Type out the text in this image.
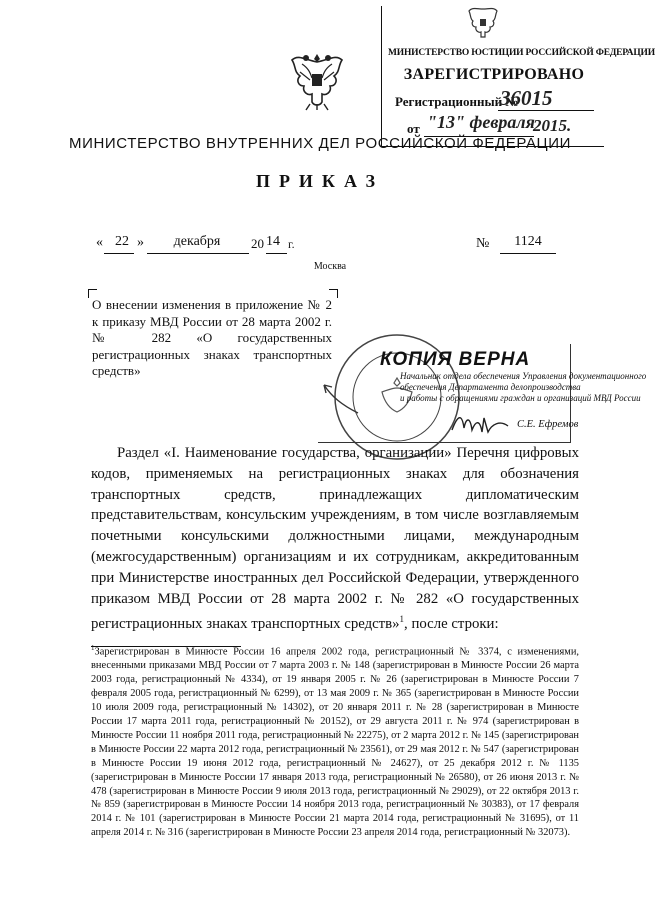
МИНИСТЕРСТВО ЮСТИЦИИ РОССИЙСКОЙ ФЕДЕРАЦИИ
ЗАРЕГИСТРИРОВАНО
Регистрационный №
36015
от "13" февраля
2015.
МИНИСТЕРСТВО ВНУТРЕННИХ ДЕЛ РОССИЙСКОЙ ФЕДЕРАЦИИ
ПРИКАЗ
« 22 »	декабря	20 14 г.	№	1124
Москва
О внесении изменения в приложение № 2 к приказу МВД России от 28 марта 2002 г. № 282 «О государственных регистрационных знаках транспортных средств»
КОПИЯ ВЕРНА
Начальник отдела обеспечения Управления документационного
обеспечения Департамента делопроизводства
и работы с обращениями граждан и организаций МВД России
С.Е. Ефремов
Раздел «I. Наименование государства, организации» Перечня цифровых кодов, применяемых на регистрационных знаках для обозначения транспортных средств, принадлежащих дипломатическим представительствам, консульским учреждениям, в том числе возглавляемым почетными консульскими должностными лицами, международным (межгосударственным) организациям и их сотрудникам, аккредитованным при Министерстве иностранных дел Российской Федерации, утвержденного приказом МВД России от 28 марта 2002 г. № 282 «О государственных регистрационных знаках транспортных средств»$^1$, после строки:
$^1$Зарегистрирован в Минюсте России 16 апреля 2002 года, регистрационный № 3374, с изменениями, внесенными приказами МВД России от 7 марта 2003 г. № 148 (зарегистрирован в Минюсте России 26 марта 2003 года, регистрационный № 4334), от 19 января 2005 г. № 26 (зарегистрирован в Минюсте России 7 февраля 2005 года, регистрационный № 6299), от 13 мая 2009 г. № 365 (зарегистрирован в Минюсте России 10 июля 2009 года, регистрационный № 14302), от 20 января 2011 г. № 28 (зарегистрирован в Минюсте России 17 марта 2011 года, регистрационный № 20152), от 29 августа 2011 г. № 974 (зарегистрирован в Минюсте России 11 ноября 2011 года, регистрационный № 22275), от 2 марта 2012 г. № 145 (зарегистрирован в Минюсте России 22 марта 2012 года, регистрационный № 23561), от 29 мая 2012 г. № 547 (зарегистрирован в Минюсте России 19 июня 2012 года, регистрационный № 24627), от 25 декабря 2012 г. № 1135 (зарегистрирован в Минюсте России 17 января 2013 года, регистрационный № 26580), от 26 июня 2013 г. № 478 (зарегистрирован в Минюсте России 9 июля 2013 года, регистрационный № 29029), от 22 октября 2013 г. № 859 (зарегистрирован в Минюсте России 14 ноября 2013 года, регистрационный № 30383), от 17 февраля 2014 г. № 101 (зарегистрирован в Минюсте России 21 марта 2014 года, регистрационный № 31695), от 11 апреля 2014 г. № 316 (зарегистрирован в Минюсте России 23 апреля 2014 года, регистрационный № 32073).
